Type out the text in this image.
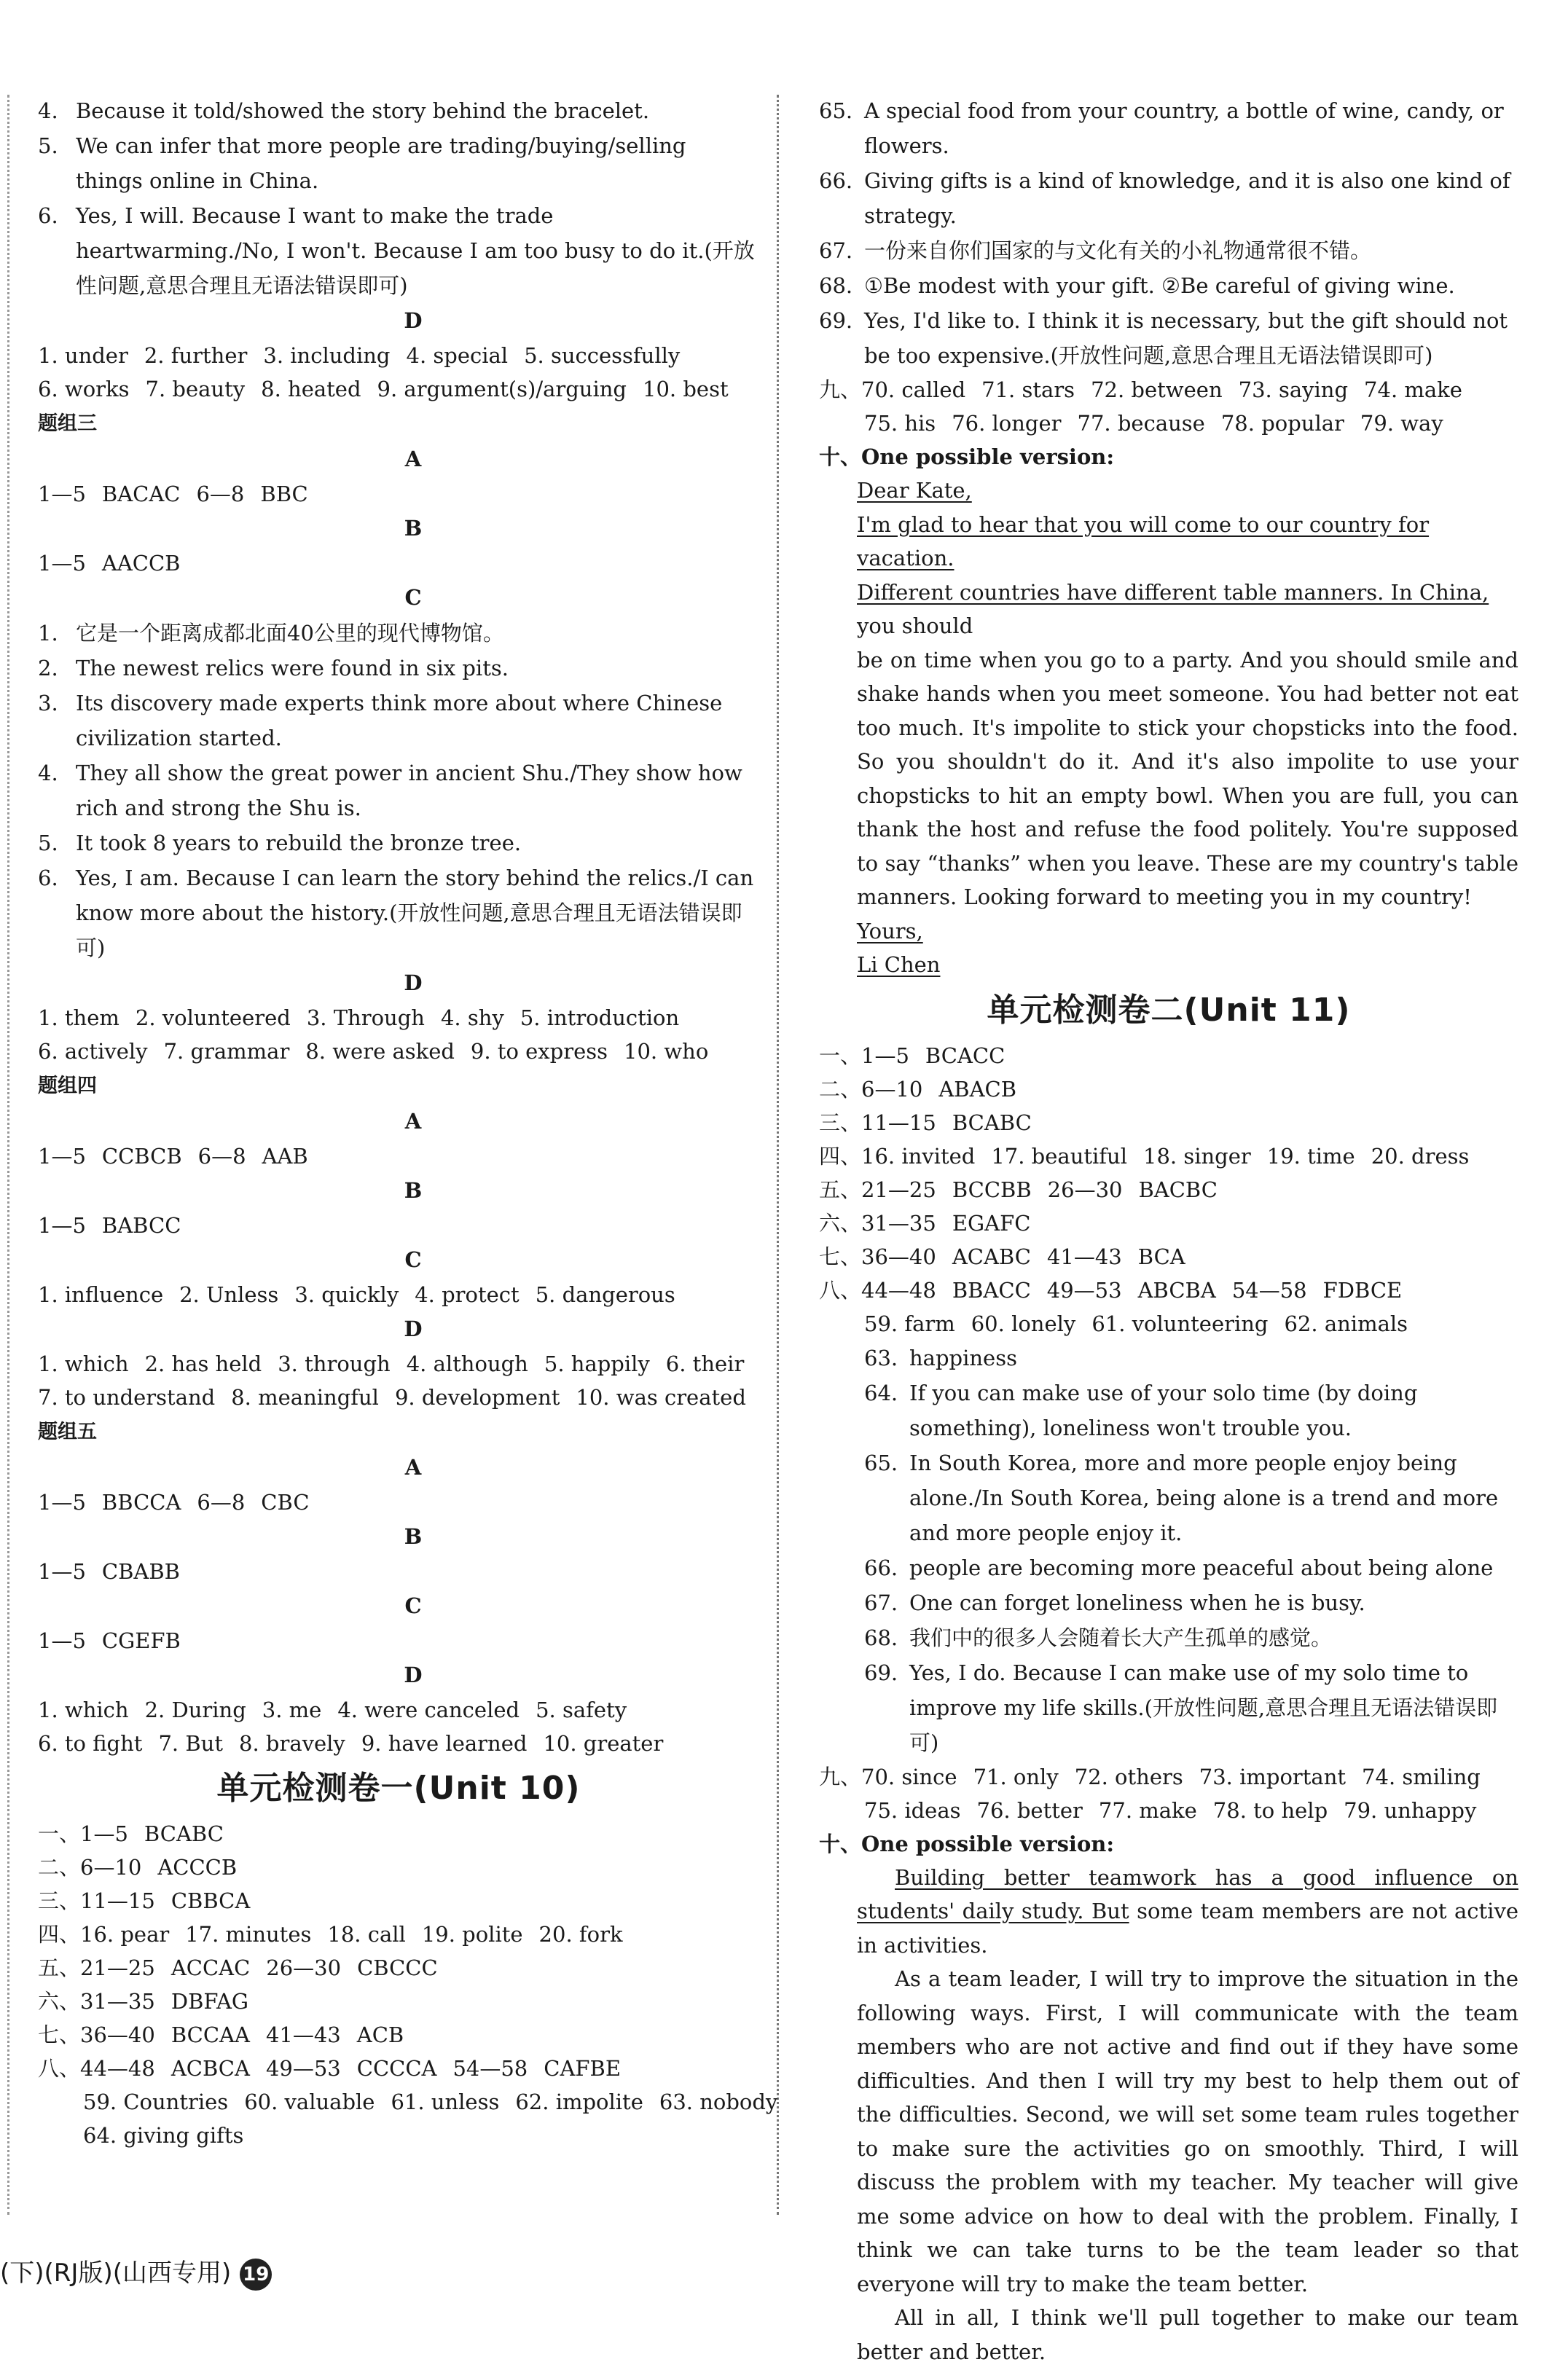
4. Because it told/showed the story behind the bracelet.
5. We can infer that more people are trading/buying/selling things online in China.
6. Yes, I will. Because I want to make the trade heartwarming./No, I won't. Because I am too busy to do it.(开放性问题,意思合理且无语法错误即可)
D
1. under 2. further 3. including 4. special 5. successfully
6. works 7. beauty 8. heated 9. argument(s)/arguing 10. best
题组三
A
1—5 BACAC 6—8 BBC
B
1—5 AACCB
C
1. 它是一个距离成都北面40公里的现代博物馆。
2. The newest relics were found in six pits.
3. Its discovery made experts think more about where Chinese civilization started.
4. They all show the great power in ancient Shu./They show how rich and strong the Shu is.
5. It took 8 years to rebuild the bronze tree.
6. Yes, I am. Because I can learn the story behind the relics./I can know more about the history.(开放性问题,意思合理且无语法错误即可)
D
1. them 2. volunteered 3. Through 4. shy 5. introduction
6. actively 7. grammar 8. were asked 9. to express 10. who
题组四
A
1—5 CCBCB 6—8 AAB
B
1—5 BABCC
C
1. influence 2. Unless 3. quickly 4. protect 5. dangerous
D
1. which 2. has held 3. through 4. although 5. happily 6. their
7. to understand 8. meaningful 9. development 10. was created
题组五
A
1—5 BBCCA 6—8 CBC
B
1—5 CBABB
C
1—5 CGEFB
D
1. which 2. During 3. me 4. were canceled 5. safety
6. to fight 7. But 8. bravely 9. have learned 10. greater
单元检测卷一(Unit 10)
一、1—5 BCABC
二、6—10 ACCCB
三、11—15 CBBCA
四、16. pear 17. minutes 18. call 19. polite 20. fork
五、21—25 ACCAC 26—30 CBCCC
六、31—35 DBFAG
七、36—40 BCCAA 41—43 ACB
八、44—48 ACBCA 49—53 CCCCA 54—58 CAFBE
59. Countries 60. valuable 61. unless 62. impolite 63. nobody
64. giving gifts
65. A special food from your country, a bottle of wine, candy, or flowers.
66. Giving gifts is a kind of knowledge, and it is also one kind of strategy.
67. 一份来自你们国家的与文化有关的小礼物通常很不错。
68. ①Be modest with your gift. ②Be careful of giving wine.
69. Yes, I'd like to. I think it is necessary, but the gift should not be too expensive.(开放性问题,意思合理且无语法错误即可)
九、70. called 71. stars 72. between 73. saying 74. make
75. his 76. longer 77. because 78. popular 79. way
十、One possible version:
Dear Kate,
I'm glad to hear that you will come to our country for vacation.
Different countries have different table manners. In China, you should
be on time when you go to a party. And you should smile and shake hands when you meet someone. You had better not eat too much. It's impolite to stick your chopsticks into the food. So you shouldn't do it. And it's also impolite to use your chopsticks to hit an empty bowl. When you are full, you can thank the host and refuse the food politely. You're supposed to say “thanks” when you leave. These are my country's table manners. Looking forward to meeting you in my country!
Yours,
Li Chen
单元检测卷二(Unit 11)
一、1—5 BCACC
二、6—10 ABACB
三、11—15 BCABC
四、16. invited 17. beautiful 18. singer 19. time 20. dress
五、21—25 BCCBB 26—30 BACBC
六、31—35 EGAFC
七、36—40 ACABC 41—43 BCA
八、44—48 BBACC 49—53 ABCBA 54—58 FDBCE
59. farm 60. lonely 61. volunteering 62. animals
63. happiness
64. If you can make use of your solo time (by doing something), loneliness won't trouble you.
65. In South Korea, more and more people enjoy being alone./In South Korea, being alone is a trend and more and more people enjoy it.
66. people are becoming more peaceful about being alone
67. One can forget loneliness when he is busy.
68. 我们中的很多人会随着长大产生孤单的感觉。
69. Yes, I do. Because I can make use of my solo time to improve my life skills.(开放性问题,意思合理且无语法错误即可)
九、70. since 71. only 72. others 73. important 74. smiling
75. ideas 76. better 77. make 78. to help 79. unhappy
十、One possible version:
Building better teamwork has a good influence on students' daily study. But some team members are not active in activities.
As a team leader, I will try to improve the situation in the following ways. First, I will communicate with the team members who are not active and find out if they have some difficulties. And then I will try my best to help them out of the difficulties. Second, we will set some team rules together to make sure the activities go on smoothly. Third, I will discuss the problem with my teacher. My teacher will give me some advice on how to deal with the problem. Finally, I think we can take turns to be the team leader so that everyone will try to make the team better.
All in all, I think we'll pull together to make our team better and better.
(下)(RJ版)(山西专用) 19
